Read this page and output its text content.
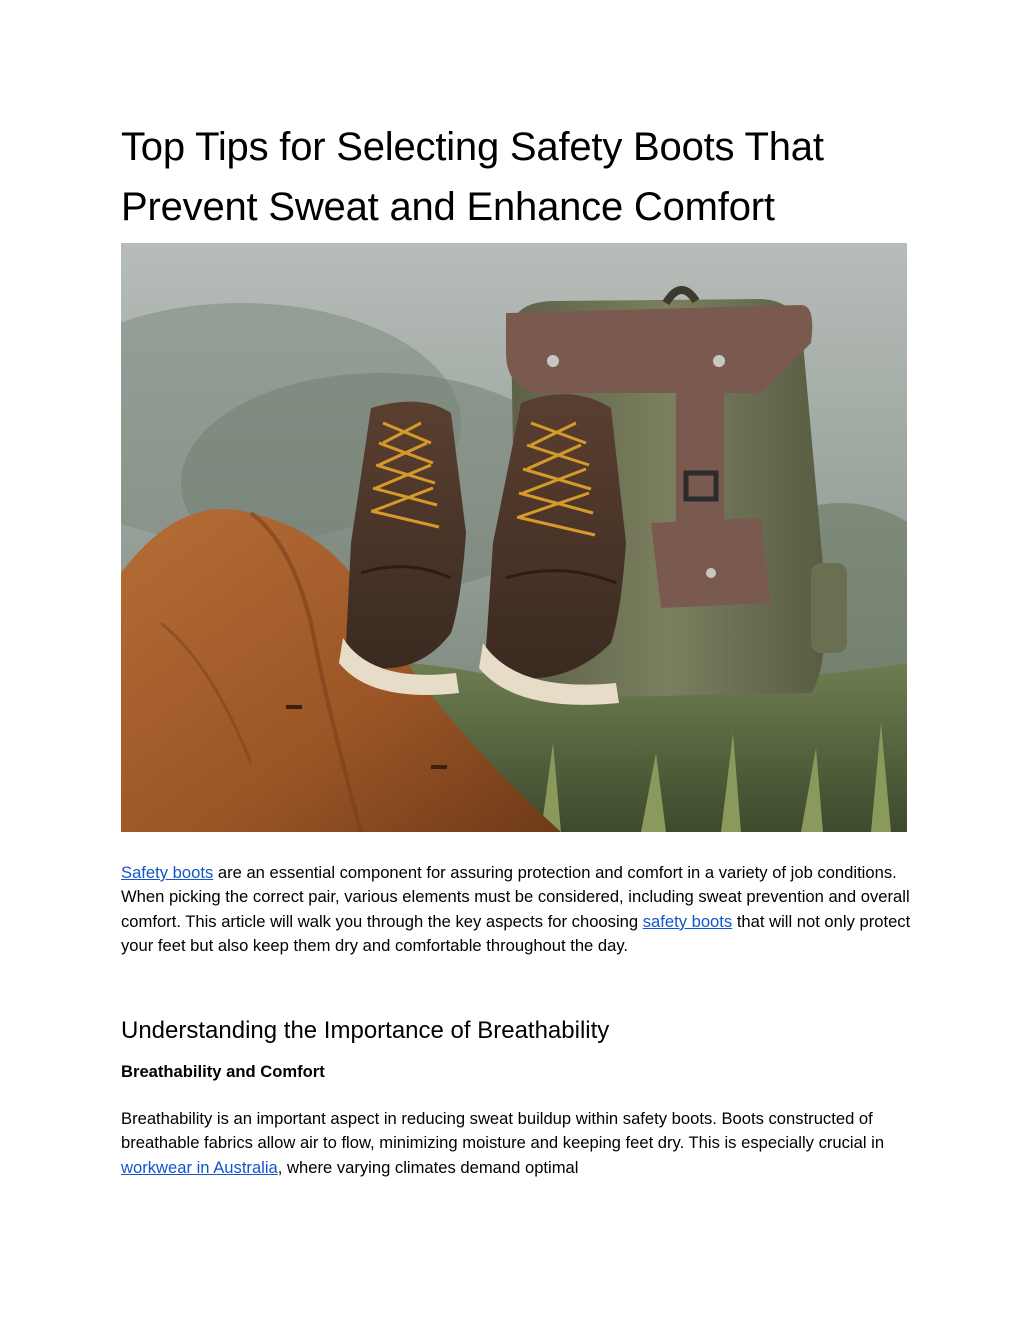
Top Tips for Selecting Safety Boots That
Prevent Sweat and Enhance Comfort

Safety boots are an essential component for assuring protection and comfort in a variety of job conditions. When picking the correct pair, various elements must be considered, including sweat prevention and overall comfort. This article will walk you through the key aspects for choosing safety boots that will not only protect your feet but also keep them dry and comfortable throughout the day.

Understanding the Importance of Breathability
Breathability and Comfort

Breathability is an important aspect in reducing sweat buildup within safety boots. Boots constructed of breathable fabrics allow air to flow, minimizing moisture and keeping feet dry. This is especially crucial in workwear in Australia, where varying climates demand optimal
